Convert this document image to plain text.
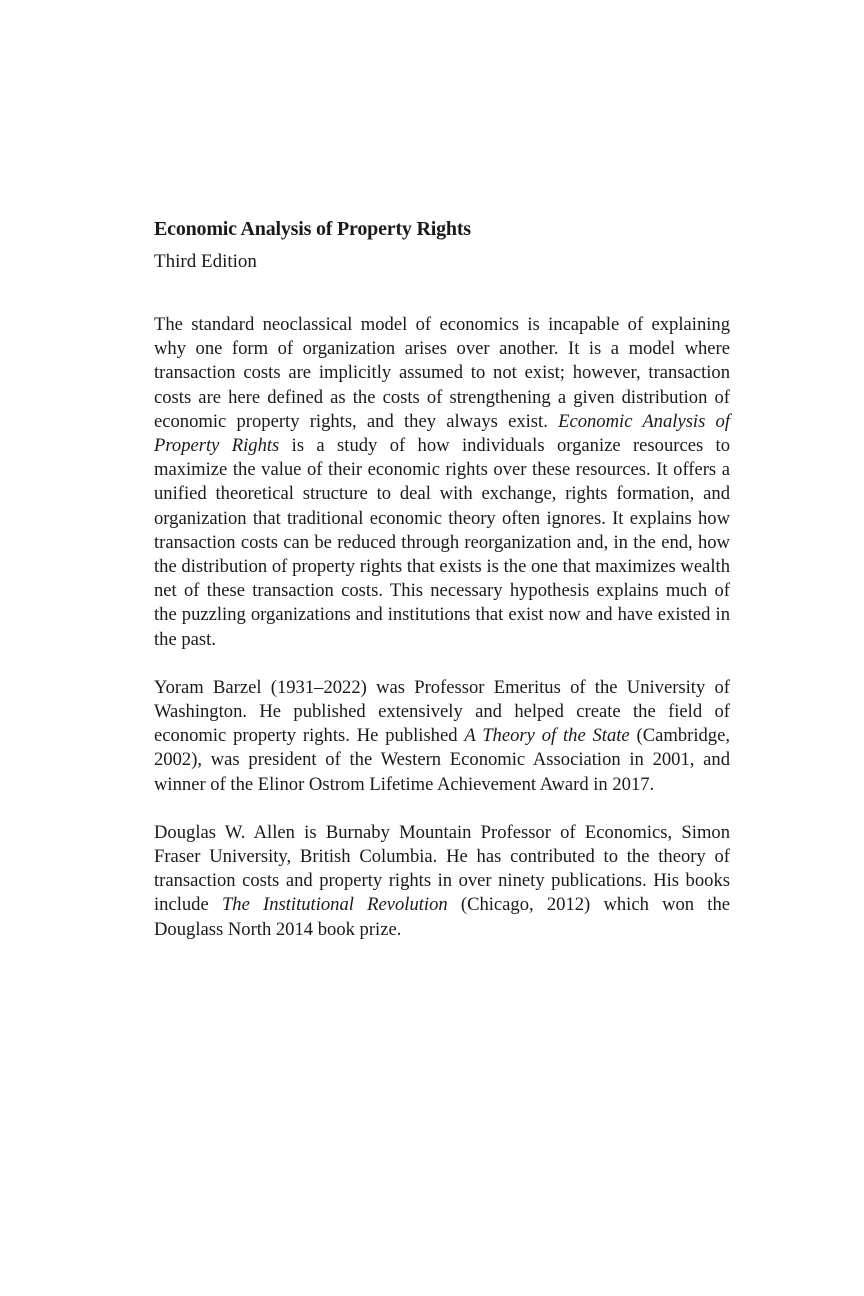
Economic Analysis of Property Rights
Third Edition

The standard neoclassical model of economics is incapable of explaining why one form of organization arises over another. It is a model where transaction costs are implicitly assumed to not exist; however, transaction costs are here defined as the costs of strengthening a given distribution of economic property rights, and they always exist. Economic Analysis of Property Rights is a study of how individuals organize resources to maximize the value of their economic rights over these resources. It offers a unified theoretical structure to deal with exchange, rights formation, and organization that traditional economic theory often ignores. It explains how transaction costs can be reduced through reorganization and, in the end, how the distribution of property rights that exists is the one that maximizes wealth net of these transaction costs. This necessary hypothesis explains much of the puzzling organizations and institutions that exist now and have existed in the past.

Yoram Barzel (1931–2022) was Professor Emeritus of the University of Washington. He published extensively and helped create the field of economic property rights. He published A Theory of the State (Cambridge, 2002), was president of the Western Economic Association in 2001, and winner of the Elinor Ostrom Lifetime Achievement Award in 2017.

Douglas W. Allen is Burnaby Mountain Professor of Economics, Simon Fraser University, British Columbia. He has contributed to the theory of transaction costs and property rights in over ninety publications. His books include The Institutional Revolution (Chicago, 2012) which won the Douglass North 2014 book prize.
